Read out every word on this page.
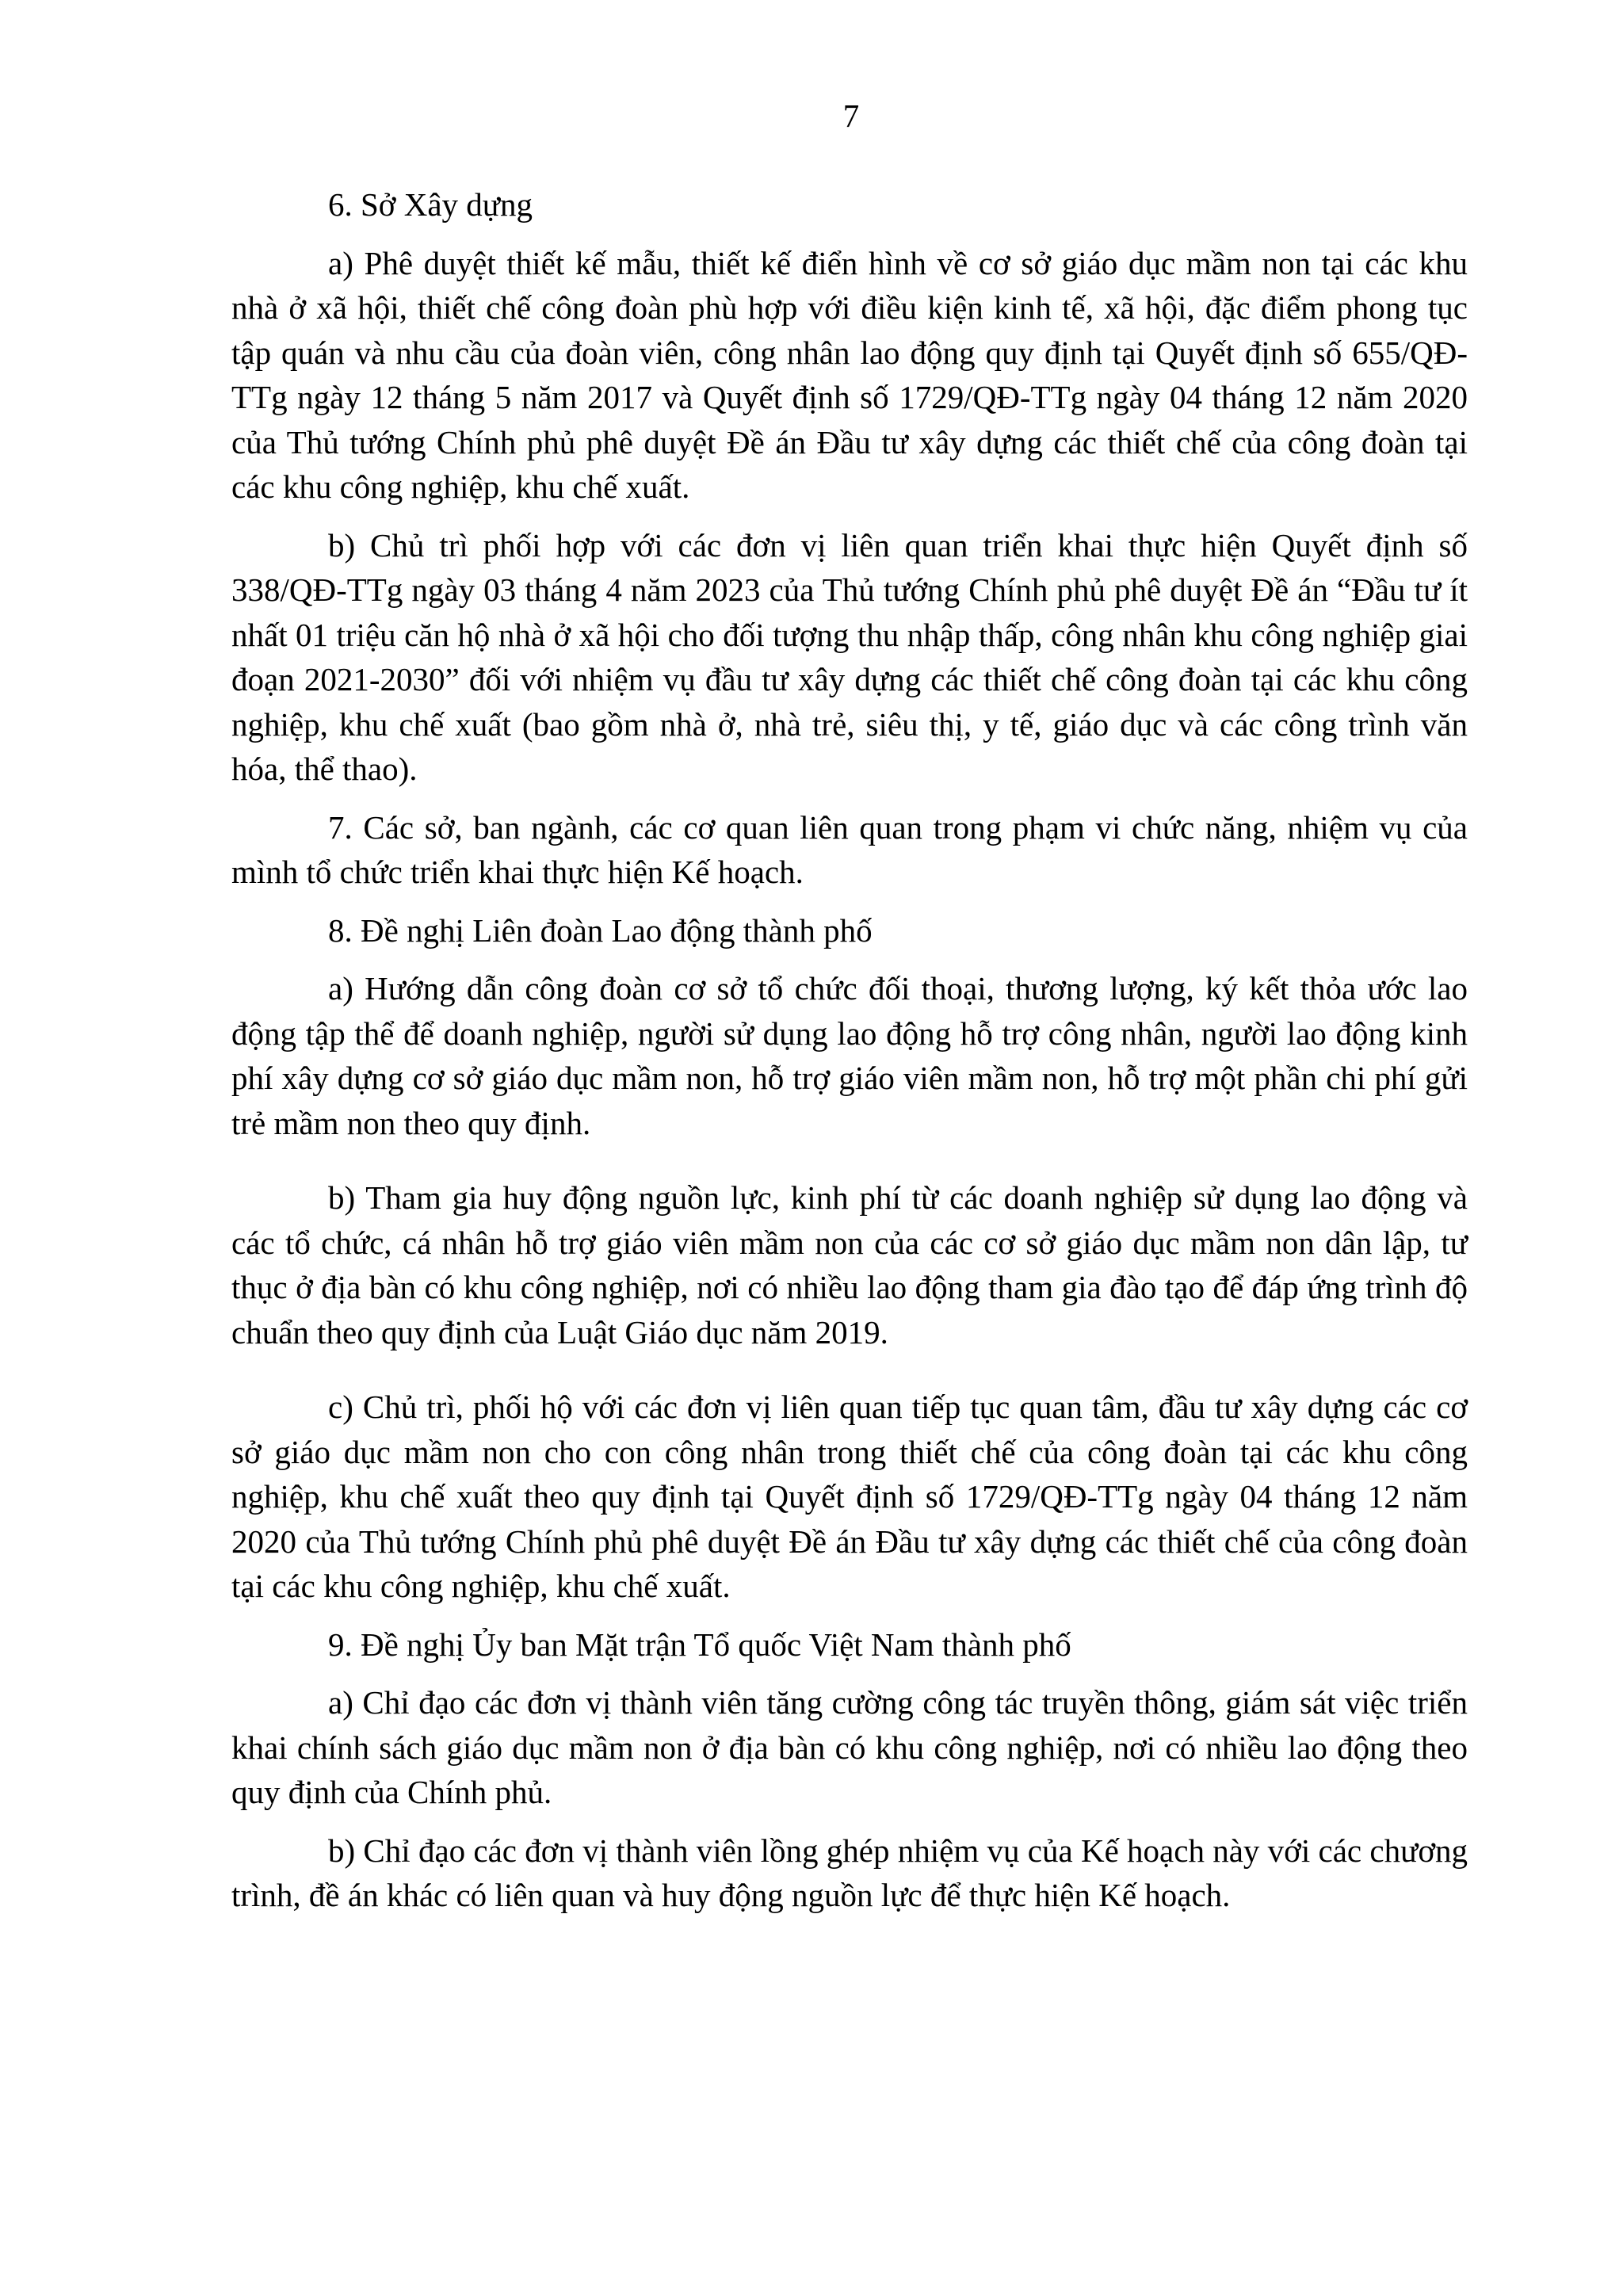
7

6. Sở Xây dựng

a) Phê duyệt thiết kế mẫu, thiết kế điển hình về cơ sở giáo dục mầm non tại các khu nhà ở xã hội, thiết chế công đoàn phù hợp với điều kiện kinh tế, xã hội, đặc điểm phong tục tập quán và nhu cầu của đoàn viên, công nhân lao động quy định tại Quyết định số 655/QĐ-TTg ngày 12 tháng 5 năm 2017 và Quyết định số 1729/QĐ-TTg ngày 04 tháng 12 năm 2020 của Thủ tướng Chính phủ phê duyệt Đề án Đầu tư xây dựng các thiết chế của công đoàn tại các khu công nghiệp, khu chế xuất.

b) Chủ trì phối hợp với các đơn vị liên quan triển khai thực hiện Quyết định số 338/QĐ-TTg ngày 03 tháng 4 năm 2023 của Thủ tướng Chính phủ phê duyệt Đề án “Đầu tư ít nhất 01 triệu căn hộ nhà ở xã hội cho đối tượng thu nhập thấp, công nhân khu công nghiệp giai đoạn 2021-2030” đối với nhiệm vụ đầu tư xây dựng các thiết chế công đoàn tại các khu công nghiệp, khu chế xuất (bao gồm nhà ở, nhà trẻ, siêu thị, y tế, giáo dục và các công trình văn hóa, thể thao).

7. Các sở, ban ngành, các cơ quan liên quan trong phạm vi chức năng, nhiệm vụ của mình tổ chức triển khai thực hiện Kế hoạch.

8. Đề nghị Liên đoàn Lao động thành phố

a) Hướng dẫn công đoàn cơ sở tổ chức đối thoại, thương lượng, ký kết thỏa ước lao động tập thể để doanh nghiệp, người sử dụng lao động hỗ trợ công nhân, người lao động kinh phí xây dựng cơ sở giáo dục mầm non, hỗ trợ giáo viên mầm non, hỗ trợ một phần chi phí gửi trẻ mầm non theo quy định.

b) Tham gia huy động nguồn lực, kinh phí từ các doanh nghiệp sử dụng lao động và các tổ chức, cá nhân hỗ trợ giáo viên mầm non của các cơ sở giáo dục mầm non dân lập, tư thục ở địa bàn có khu công nghiệp, nơi có nhiều lao động tham gia đào tạo để đáp ứng trình độ chuẩn theo quy định của Luật Giáo dục năm 2019.

c) Chủ trì, phối hộ với các đơn vị liên quan tiếp tục quan tâm, đầu tư xây dựng các cơ sở giáo dục mầm non cho con công nhân trong thiết chế của công đoàn tại các khu công nghiệp, khu chế xuất theo quy định tại Quyết định số 1729/QĐ-TTg ngày 04 tháng 12 năm 2020 của Thủ tướng Chính phủ phê duyệt Đề án Đầu tư xây dựng các thiết chế của công đoàn tại các khu công nghiệp, khu chế xuất.

9. Đề nghị Ủy ban Mặt trận Tổ quốc Việt Nam thành phố

a) Chỉ đạo các đơn vị thành viên tăng cường công tác truyền thông, giám sát việc triển khai chính sách giáo dục mầm non ở địa bàn có khu công nghiệp, nơi có nhiều lao động theo quy định của Chính phủ.

b) Chỉ đạo các đơn vị thành viên lồng ghép nhiệm vụ của Kế hoạch này với các chương trình, đề án khác có liên quan và huy động nguồn lực để thực hiện Kế hoạch.
